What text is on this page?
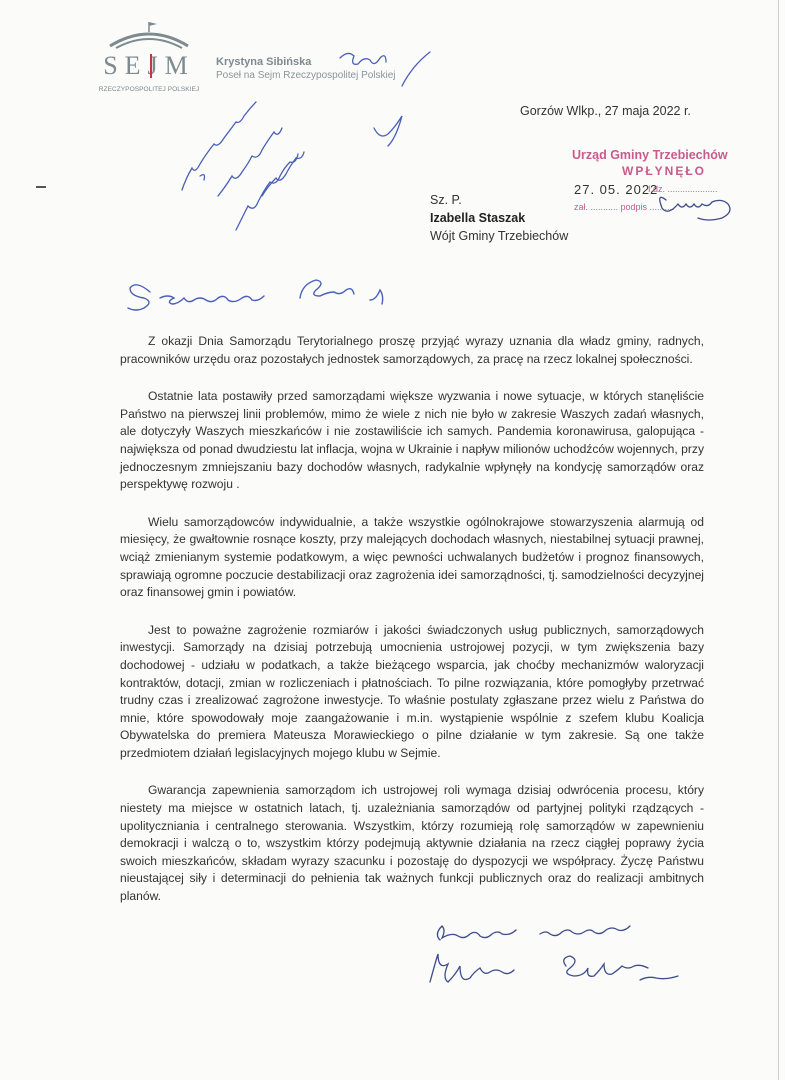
SEJM
RZECZYPOSPOLITEJ POLSKIEJ
Krystyna Sibińska
Poseł na Sejm Rzeczypospolitej Polskiej
Gorzów Wlkp., 27 maja 2022 r.
Urząd Gminy Trzebiechów
WPŁYNĘŁO
27. 05. 2022
I.dz. ....................
zał. ........... podpis ..........
Sz. P.
Izabella Staszak
Wójt Gminy Trzebiechów

Z okazji Dnia Samorządu Terytorialnego proszę przyjąć wyrazy uznania dla władz gminy, radnych, pracowników urzędu oraz pozostałych jednostek samorządowych, za pracę na rzecz lokalnej społeczności.

Ostatnie lata postawiły przed samorządami większe wyzwania i nowe sytuacje, w których stanęliście Państwo na pierwszej linii problemów, mimo że wiele z nich nie było w zakresie Waszych zadań własnych, ale dotyczyły Waszych mieszkańców i nie zostawiliście ich samych. Pandemia koronawirusa, galopująca - największa od ponad dwudziestu lat inflacja, wojna w Ukrainie i napływ milionów uchodźców wojennych, przy jednoczesnym zmniejszaniu bazy dochodów własnych, radykalnie wpłynęły na kondycję samorządów oraz perspektywę rozwoju .

Wielu samorządowców indywidualnie, a także wszystkie ogólnokrajowe stowarzyszenia alarmują od miesięcy, że gwałtownie rosnące koszty, przy malejących dochodach własnych, niestabilnej sytuacji prawnej, wciąż zmienianym systemie podatkowym, a więc pewności uchwalanych budżetów i prognoz finansowych, sprawiają ogromne poczucie destabilizacji oraz zagrożenia idei samorządności, tj. samodzielności decyzyjnej oraz finansowej gmin i powiatów.

Jest to poważne zagrożenie rozmiarów i jakości świadczonych usług publicznych, samorządowych inwestycji. Samorządy na dzisiaj potrzebują umocnienia ustrojowej pozycji, w tym zwiększenia bazy dochodowej - udziału w podatkach, a także bieżącego wsparcia, jak choćby mechanizmów waloryzacji kontraktów, dotacji, zmian w rozliczeniach i płatnościach. To pilne rozwiązania, które pomogłyby przetrwać trudny czas i zrealizować zagrożone inwestycje. To właśnie postulaty zgłaszane przez wielu z Państwa do mnie, które spowodowały moje zaangażowanie i m.in. wystąpienie wspólnie z szefem klubu Koalicja Obywatelska do premiera Mateusza Morawieckiego o pilne działanie w tym zakresie. Są one także przedmiotem działań legislacyjnych mojego klubu w Sejmie.

Gwarancja zapewnienia samorządom ich ustrojowej roli wymaga dzisiaj odwrócenia procesu, który niestety ma miejsce w ostatnich latach, tj. uzależniania samorządów od partyjnej polityki rządzących - upolityczniania i centralnego sterowania. Wszystkim, którzy rozumieją rolę samorządów w zapewnieniu demokracji i walczą o to, wszystkim którzy podejmują aktywnie działania na rzecz ciągłej poprawy życia swoich mieszkańców, składam wyrazy szacunku i pozostaję do dyspozycji we współpracy. Życzę Państwu nieustającej siły i determinacji do pełnienia tak ważnych funkcji publicznych oraz do realizacji ambitnych planów.
